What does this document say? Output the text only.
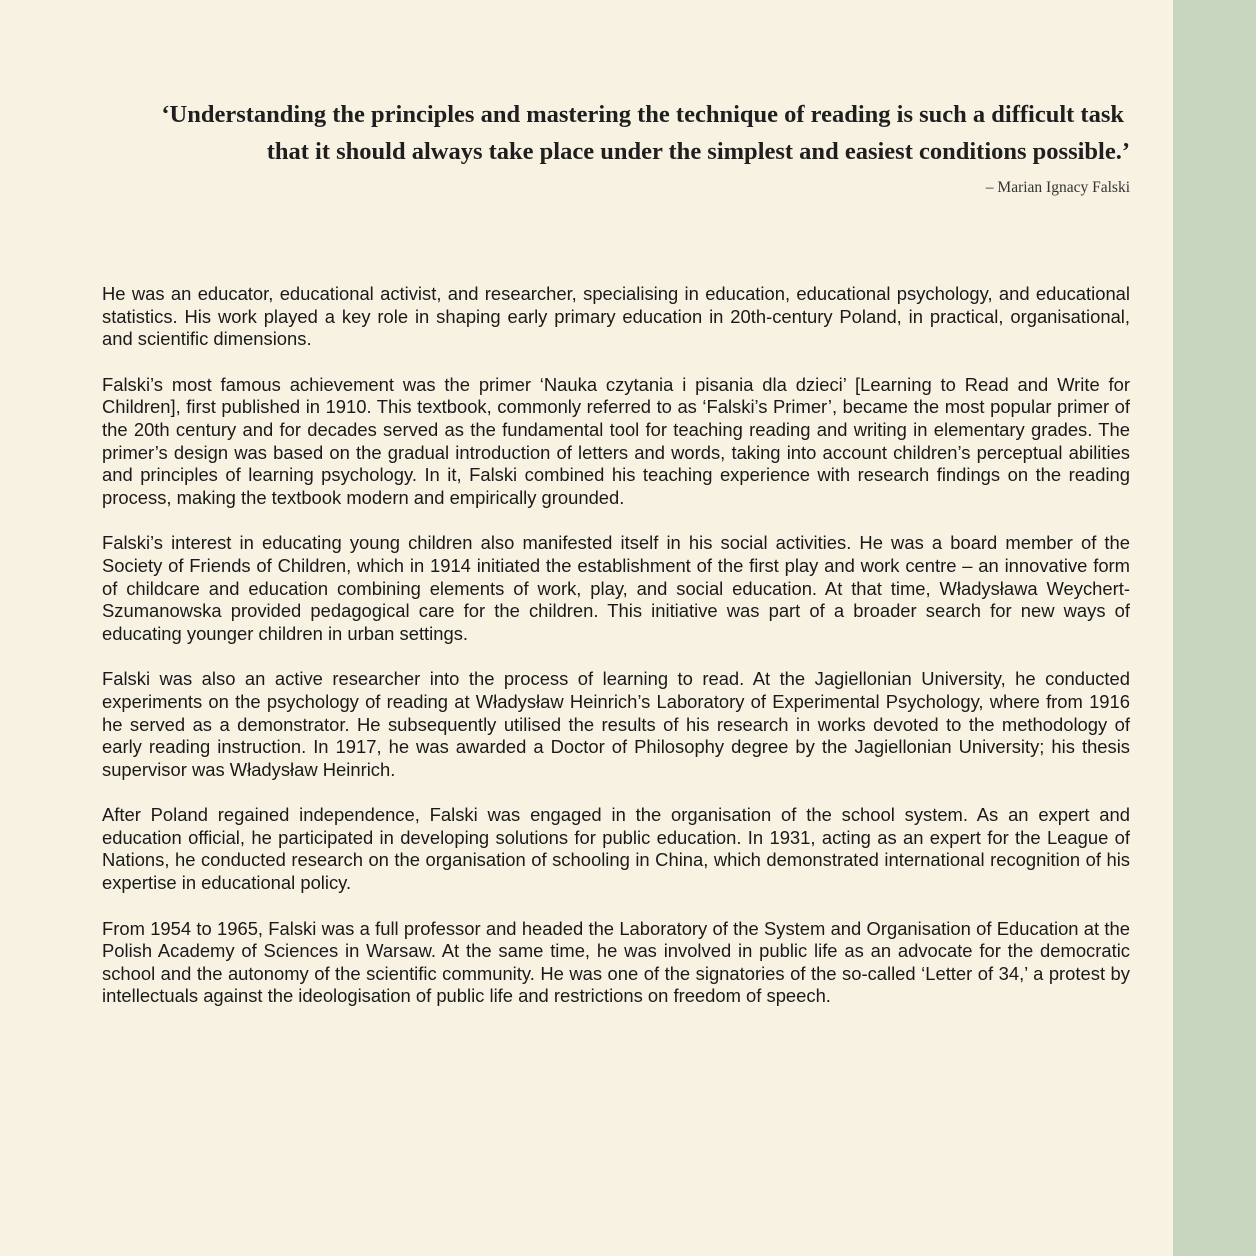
‘Understanding the principles and mastering the technique of reading is such a difficult task
that it should always take place under the simplest and easiest conditions possible.’

– Marian Ignacy Falski

He was an educator, educational activist, and researcher, specialising in education, educational psychology, and educational statistics. His work played a key role in shaping early primary education in 20th-century Poland, in practical, organisational, and scientific dimensions.

Falski’s most famous achievement was the primer ‘Nauka czytania i pisania dla dzieci’ [Learning to Read and Write for Children], first published in 1910. This textbook, commonly referred to as ‘Falski’s Primer’, became the most popular primer of the 20th century and for decades served as the fundamental tool for teaching reading and writing in elementary grades. The primer’s design was based on the gradual introduction of letters and words, taking into account children’s perceptual abilities and principles of learning psychology. In it, Falski combined his teaching experience with research findings on the reading process, making the textbook modern and empirically grounded.

Falski’s interest in educating young children also manifested itself in his social activities. He was a board member of the Society of Friends of Children, which in 1914 initiated the establishment of the first play and work centre – an innovative form of childcare and education combining elements of work, play, and social education. At that time, Władysława Weychert-Szumanowska provided pedagogical care for the children. This initiative was part of a broader search for new ways of educating younger children in urban settings.

Falski was also an active researcher into the process of learning to read. At the Jagiellonian University, he conducted experiments on the psychology of reading at Władysław Heinrich’s Laboratory of Experimental Psychology, where from 1916 he served as a demonstrator. He subsequently utilised the results of his research in works devoted to the methodology of early reading instruction. In 1917, he was awarded a Doctor of Philosophy degree by the Jagiellonian University; his thesis supervisor was Władysław Heinrich.

After Poland regained independence, Falski was engaged in the organisation of the school system. As an expert and education official, he participated in developing solutions for public education. In 1931, acting as an expert for the League of Nations, he conducted research on the organisation of schooling in China, which demonstrated international recognition of his expertise in educational policy.

From 1954 to 1965, Falski was a full professor and headed the Laboratory of the System and Organisation of Education at the Polish Academy of Sciences in Warsaw. At the same time, he was involved in public life as an advocate for the democratic school and the autonomy of the scientific community. He was one of the signatories of the so-called ‘Letter of 34,’ a protest by intellectuals against the ideologisation of public life and restrictions on freedom of speech.
